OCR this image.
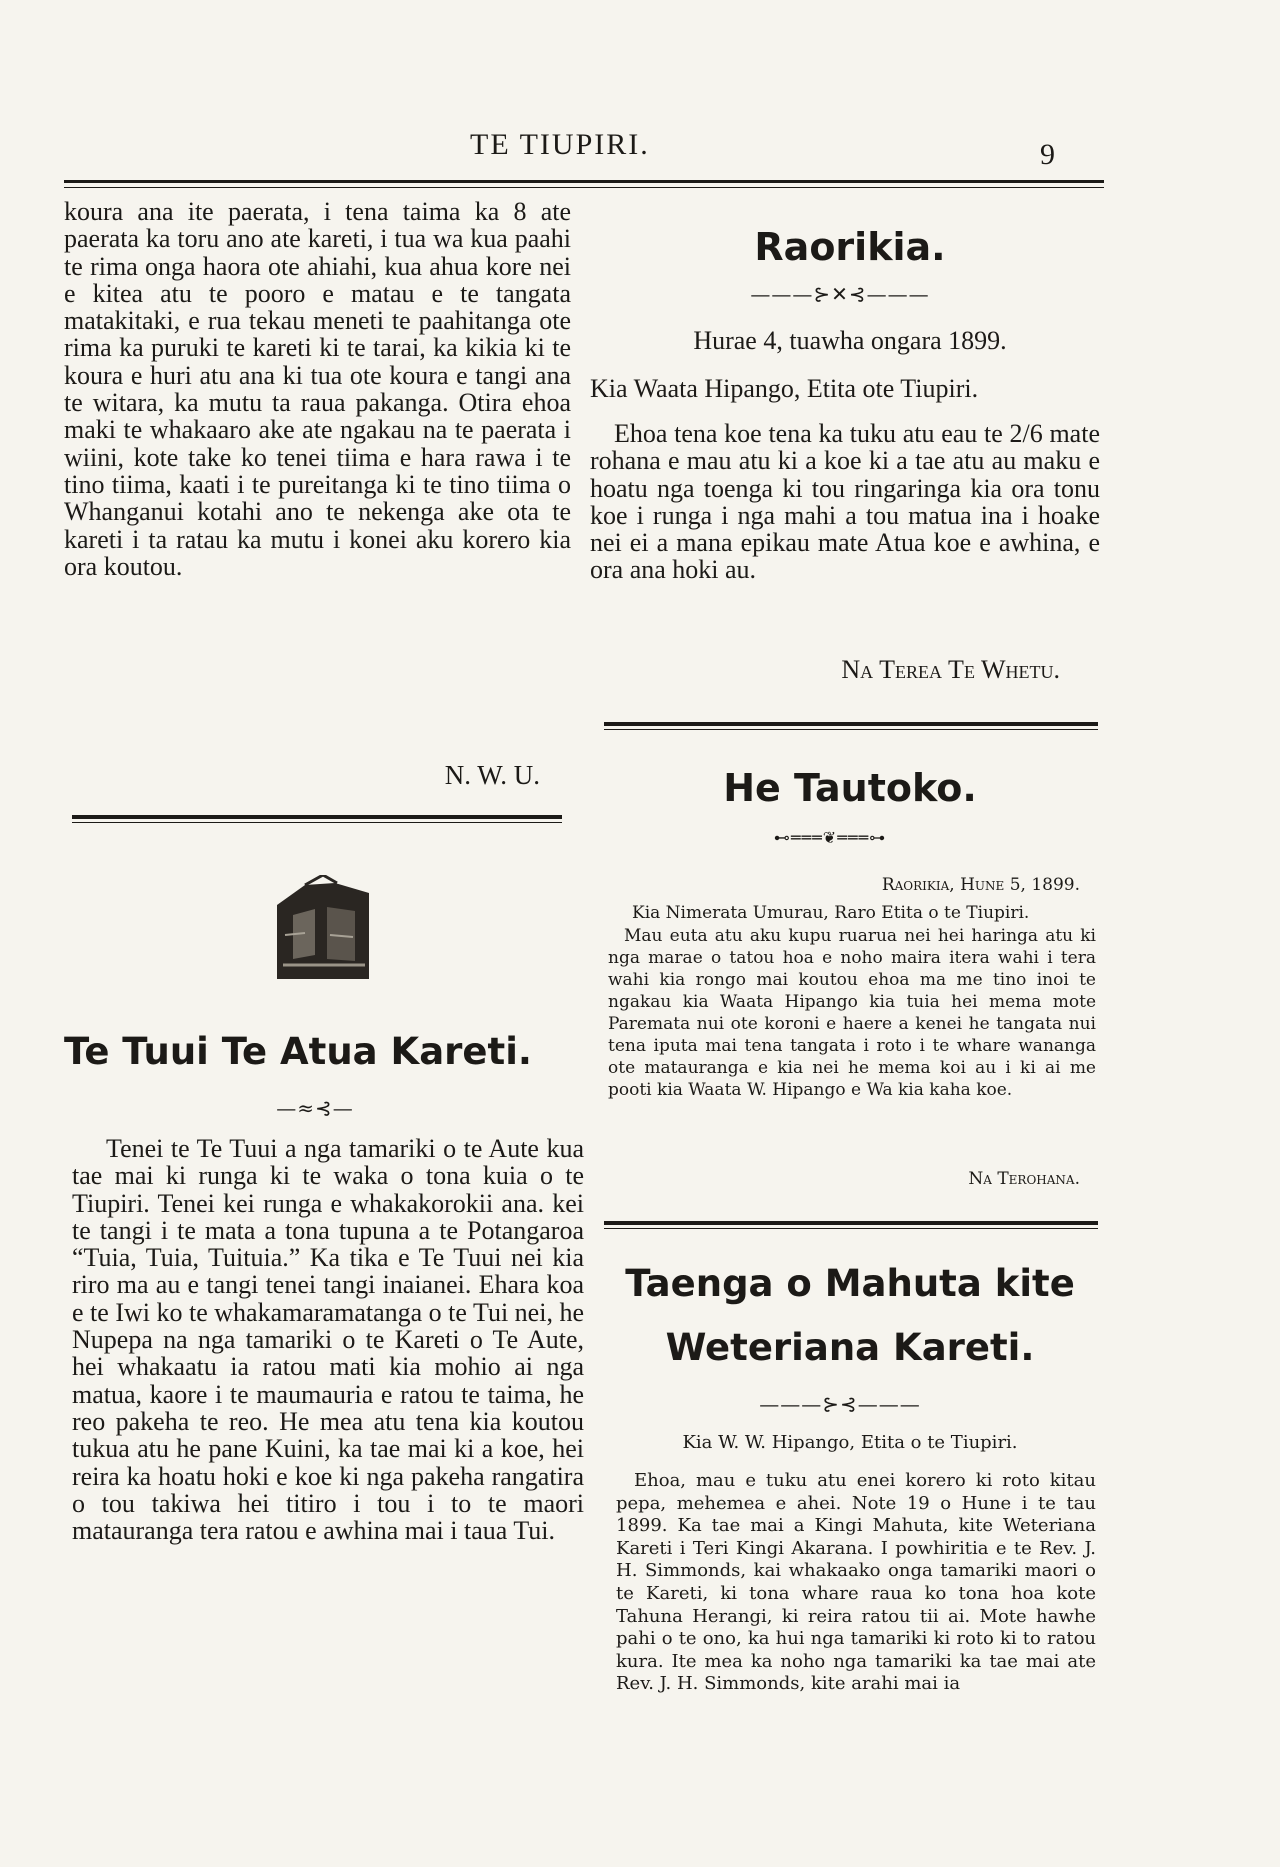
TE TIUPIRI.	9

koura ana ite paerata, i tena taima ka 8 ate paerata ka toru ano ate kareti, i tua wa kua paahi te rima onga haora ote ahiahi, kua ahua kore nei e kitea atu te pooro e matau e te tangata matakitaki, e rua tekau meneti te paahitanga ote rima ka puruki te kareti ki te tarai, ka kikia ki te koura e huri atu ana ki tua ote koura e tangi ana te witara, ka mutu ta raua pakanga. Otira ehoa maki te whakaaro ake ate ngakau na te paerata i wiini, kote take ko tenei tiima e hara rawa i te tino tiima, kaati i te pureitanga ki te tino tiima o Whanganui kotahi ano te nekenga ake ota te kareti i ta ratau ka mutu i konei aku korero kia ora koutou.

N. W. U.
Te Tuui Te Atua Kareti.
—≈⊰—

Tenei te Te Tuui a nga tamariki o te Aute kua tae mai ki runga ki te waka o tona kuia o te Tiupiri. Tenei kei runga e whakakorokii ana. kei te tangi i te mata a tona tupuna a te Potangaroa “Tuia, Tuia, Tuituia.” Ka tika e Te Tuui nei kia riro ma au e tangi tenei tangi inaianei. Ehara koa e te Iwi ko te whakamaramatanga o te Tui nei, he Nupepa na nga tamariki o te Kareti o Te Aute, hei whakaatu ia ratou mati kia mohio ai nga matua, kaore i te maumauria e ratou te taima, he reo pakeha te reo. He mea atu tena kia koutou tukua atu he pane Kuini, ka tae mai ki a koe, hei reira ka hoatu hoki e koe ki nga pakeha rangatira o tou takiwa hei titiro i tou i to te maori matauranga tera ratou e awhina mai i taua Tui.

Raorikia.
———⊱✕⊰———
Hurae 4, tuawha ongara 1899.
Kia Waata Hipango, Etita ote Tiupiri.

Ehoa tena koe tena ka tuku atu eau te 2/6 mate rohana e mau atu ki a koe ki a tae atu au maku e hoatu nga toenga ki tou ringaringa kia ora tonu koe i runga i nga mahi a tou matua ina i hoake nei ei a mana epikau mate Atua koe e awhina, e ora ana hoki au.

Na Terea Te Whetu.
He Tautoko.
⊷═══❦═══⊶
Raorikia, Hune 5, 1899.
Kia Nimerata Umurau, Raro Etita o te Tiupiri.

Mau euta atu aku kupu ruarua nei hei haringa atu ki nga marae o tatou hoa e noho maira itera wahi i tera wahi kia rongo mai koutou ehoa ma me tino inoi te ngakau kia Waata Hipango kia tuia hei mema mote Paremata nui ote koroni e haere a kenei he tangata nui tena iputa mai tena tangata i roto i te whare wananga ote matauranga e kia nei he mema koi au i ki ai me pooti kia Waata W. Hipango e Wa kia kaha koe.

Na Terohana.
Taenga o Mahuta kite
Weteriana Kareti.
———⊱⊰———
Kia W. W. Hipango, Etita o te Tiupiri.

Ehoa, mau e tuku atu enei korero ki roto kitau pepa, mehemea e ahei. Note 19 o Hune i te tau 1899. Ka tae mai a Kingi Mahuta, kite Weteriana Kareti i Teri Kingi Akarana. I powhiritia e te Rev. J. H. Simmonds, kai whakaako onga tamariki maori o te Kareti, ki tona whare raua ko tona hoa kote Tahuna Herangi, ki reira ratou tii ai. Mote hawhe pahi o te ono, ka hui nga tamariki ki roto ki to ratou kura. Ite mea ka noho nga tamariki ka tae mai ate Rev. J. H. Simmonds, kite arahi mai ia
